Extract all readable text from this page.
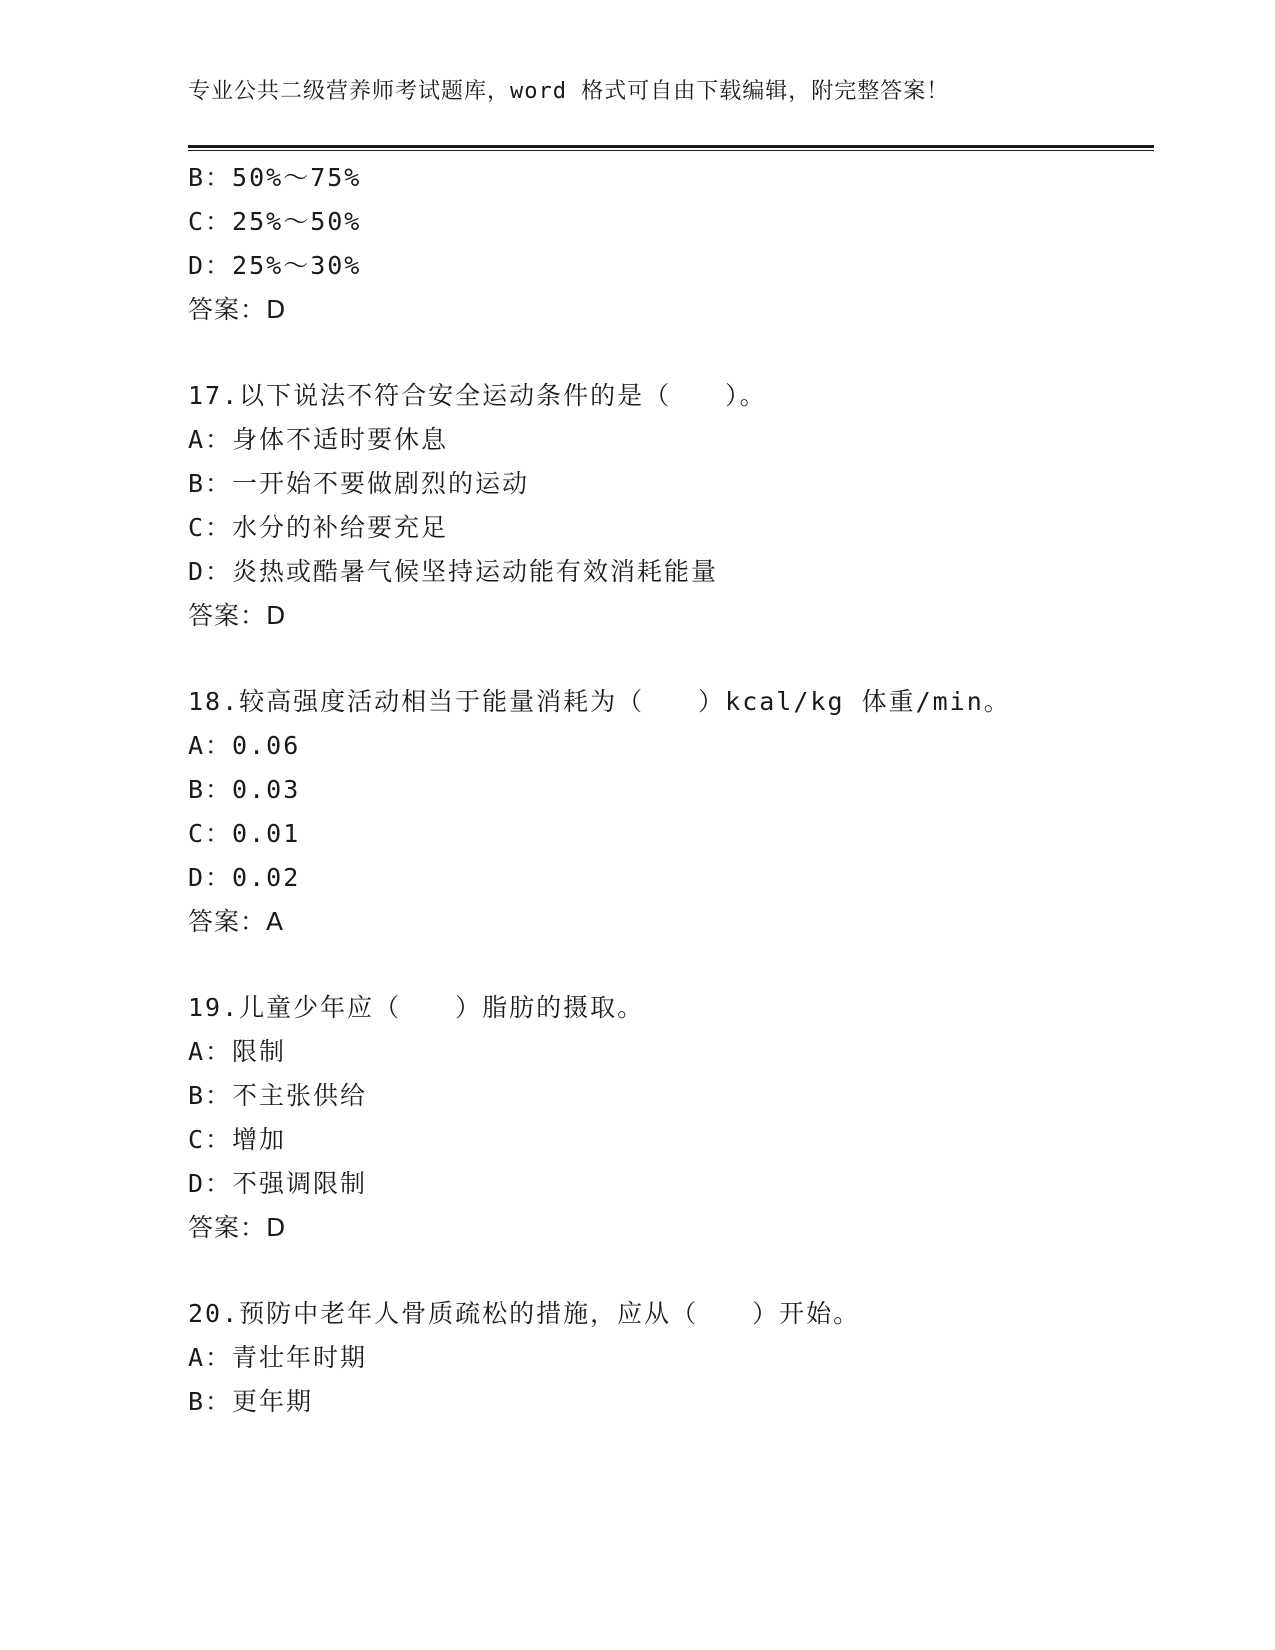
专业公共二级营养师考试题库，word 格式可自由下载编辑，附完整答案！
B：50%～75%
C：25%～50%
D：25%～30%
答案：D
17.以下说法不符合安全运动条件的是（　　）。
A：身体不适时要休息
B：一开始不要做剧烈的运动
C：水分的补给要充足
D：炎热或酷暑气候坚持运动能有效消耗能量
答案：D
18.较高强度活动相当于能量消耗为（　　）kcal/kg 体重/min。
A：0.06
B：0.03
C：0.01
D：0.02
答案：A
19.儿童少年应（　　）脂肪的摄取。
A：限制
B：不主张供给
C：增加
D：不强调限制
答案：D
20.预防中老年人骨质疏松的措施，应从（　　）开始。
A：青壮年时期
B：更年期
